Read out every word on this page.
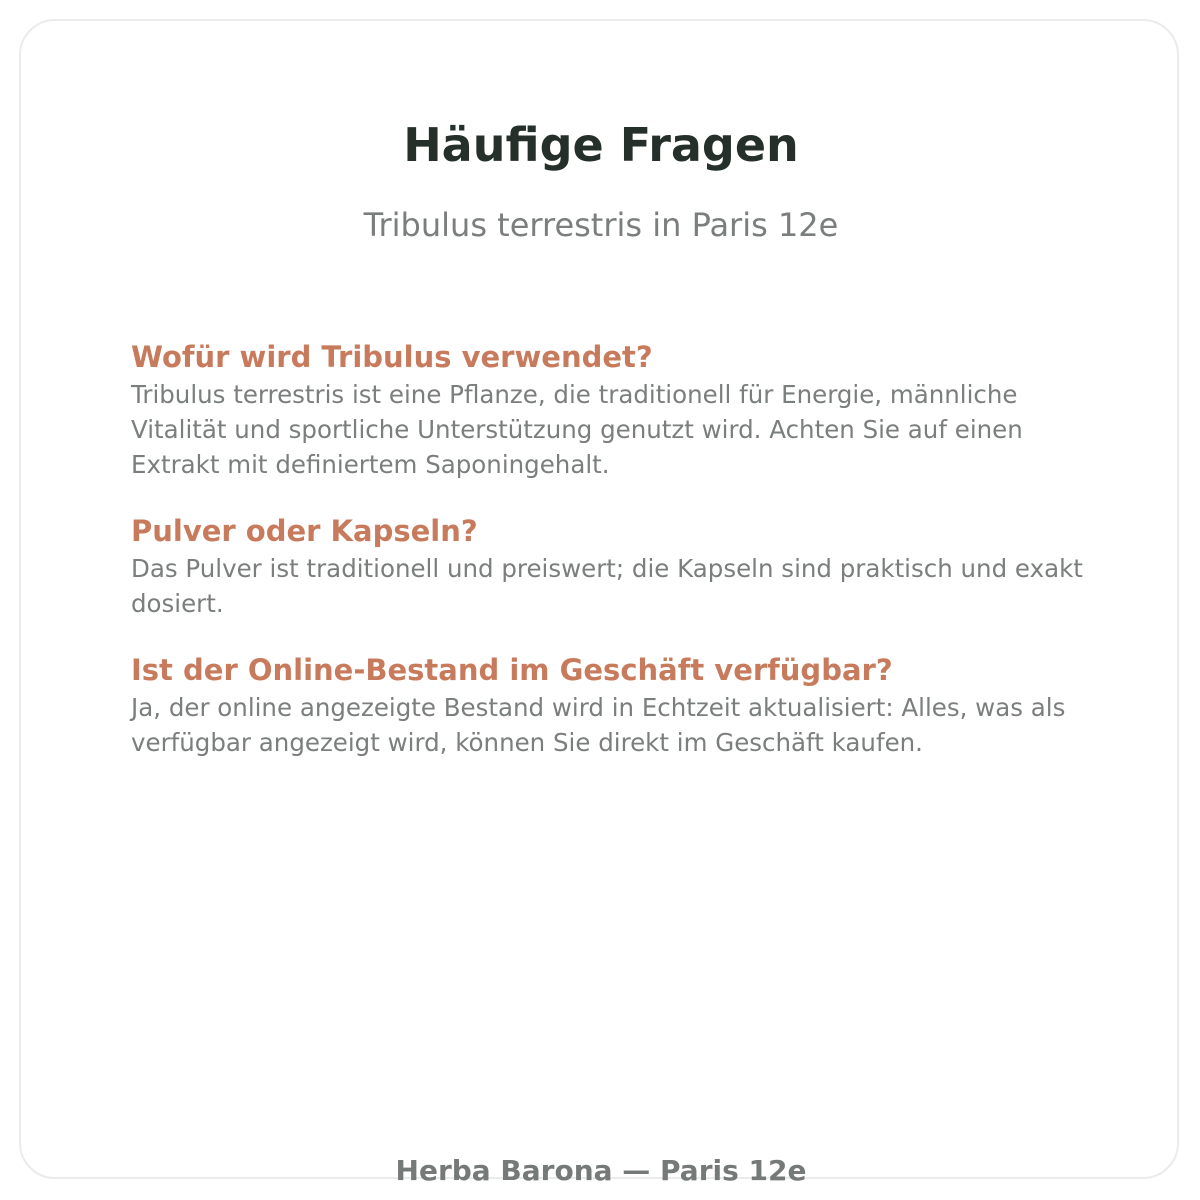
Häufige Fragen

Tribulus terrestris in Paris 12e

Wofür wird Tribulus verwendet?

Tribulus terrestris ist eine Pflanze, die traditionell für Energie, männliche Vitalität und sportliche Unterstützung genutzt wird. Achten Sie auf einen Extrakt mit definiertem Saponingehalt.

Pulver oder Kapseln?

Das Pulver ist traditionell und preiswert; die Kapseln sind praktisch und exakt dosiert.

Ist der Online-Bestand im Geschäft verfügbar?

Ja, der online angezeigte Bestand wird in Echtzeit aktualisiert: Alles, was als verfügbar angezeigt wird, können Sie direkt im Geschäft kaufen.

Herba Barona — Paris 12e
